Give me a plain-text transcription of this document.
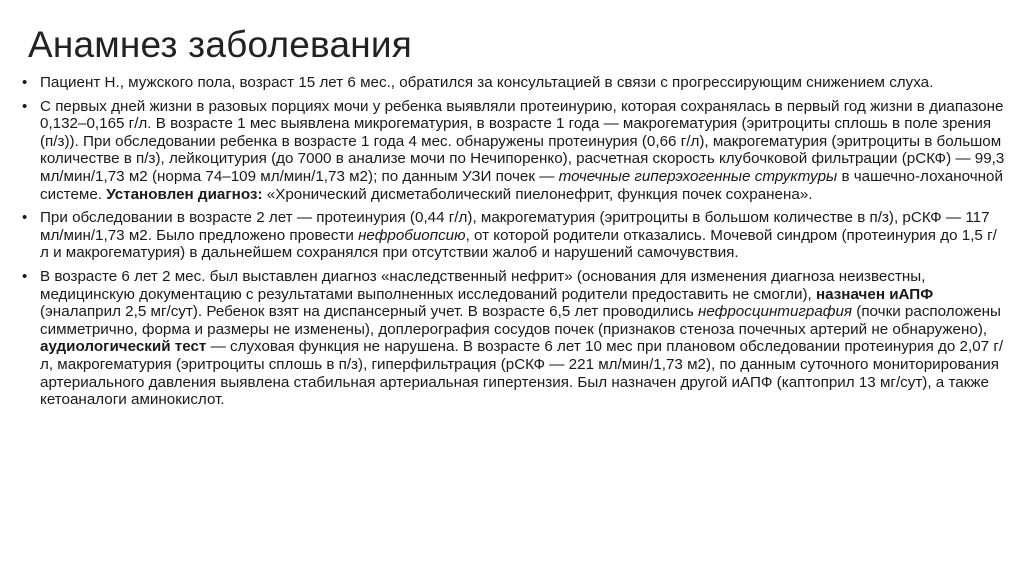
Анамнез заболевания
• Пациент Н., мужского пола, возраст 15 лет 6 мес., обратился за консультацией в связи с прогрессирующим снижением слуха.
• С первых дней жизни в разовых порциях мочи у ребенка выявляли протеинурию, которая сохранялась в первый год жизни в диапазоне 0,132–0,165 г/л. В возрасте 1 мес выявлена микрогематурия, в возрасте 1 года — макрогематурия (эритроциты сплошь в поле зрения (п/з)). При обследовании ребенка в возрасте 1 года 4 мес. обнаружены протеинурия (0,66 г/л), макрогематурия (эритроциты в большом количестве в п/з), лейкоцитурия (до 7000 в анализе мочи по Нечипоренко), расчетная скорость клубочковой фильтрации (рСКФ) — 99,3 мл/мин/1,73 м2 (норма 74–109 мл/мин/1,73 м2); по данным УЗИ почек — точечные гиперэхогенные структуры в чашечно-лоханочной системе. Установлен диагноз: «Хронический дисметаболический пиелонефрит, функция почек сохранена».
• При обследовании в возрасте 2 лет — протеинурия (0,44 г/л), макрогематурия (эритроциты в большом количестве в п/з), рСКФ — 117 мл/мин/1,73 м2. Было предложено провести нефробиопсию, от которой родители отказались. Мочевой синдром (протеинурия до 1,5 г/л и макрогематурия) в дальнейшем сохранялся при отсутствии жалоб и нарушений самочувствия.
• В возрасте 6 лет 2 мес. был выставлен диагноз «наследственный нефрит» (основания для изменения диагноза неизвестны, медицинскую документацию с результатами выполненных исследований родители предоставить не смогли), назначен иАПФ (эналаприл 2,5 мг/сут). Ребенок взят на диспансерный учет. В возрасте 6,5 лет проводились нефросцинтиграфия (почки расположены симметрично, форма и размеры не изменены), доплерография сосудов почек (признаков стеноза почечных артерий не обнаружено), аудиологический тест — слуховая функция не нарушена. В возрасте 6 лет 10 мес при плановом обследовании протеинурия до 2,07 г/л, макрогематурия (эритроциты сплошь в п/з), гиперфильтрация (рСКФ — 221 мл/мин/1,73 м2), по данным суточного мониторирования артериального давления выявлена стабильная артериальная гипертензия. Был назначен другой иАПФ (каптоприл 13 мг/сут), а также кетоаналоги аминокислот.
